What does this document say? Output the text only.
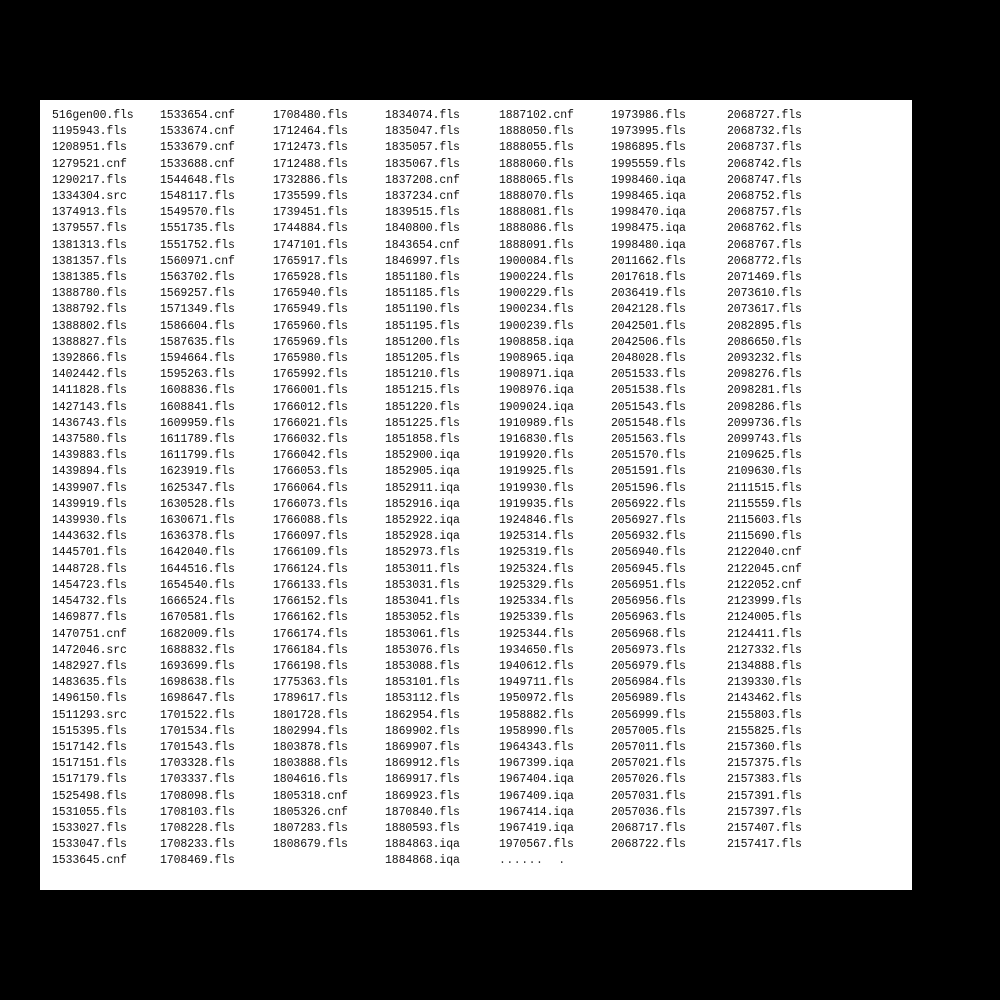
516gen00.fls
1195943.fls
1208951.fls
1279521.cnf
1290217.fls
1334304.src
1374913.fls
1379557.fls
1381313.fls
1381357.fls
1381385.fls
1388780.fls
1388792.fls
1388802.fls
1388827.fls
1392866.fls
1402442.fls
1411828.fls
1427143.fls
1436743.fls
1437580.fls
1439883.fls
1439894.fls
1439907.fls
1439919.fls
1439930.fls
1443632.fls
1445701.fls
1448728.fls
1454723.fls
1454732.fls
1469877.fls
1470751.cnf
1472046.src
1482927.fls
1483635.fls
1496150.fls
1511293.src
1515395.fls
1517142.fls
1517151.fls
1517179.fls
1525498.fls
1531055.fls
1533027.fls
1533047.fls
1533645.cnf
1533654.cnf
1533674.cnf
1533679.cnf
1533688.cnf
1544648.fls
1548117.fls
1549570.fls
1551735.fls
1551752.fls
1560971.cnf
1563702.fls
1569257.fls
1571349.fls
1586604.fls
1587635.fls
1594664.fls
1595263.fls
1608836.fls
1608841.fls
1609959.fls
1611789.fls
1611799.fls
1623919.fls
1625347.fls
1630528.fls
1630671.fls
1636378.fls
1642040.fls
1644516.fls
1654540.fls
1666524.fls
1670581.fls
1682009.fls
1688832.fls
1693699.fls
1698638.fls
1698647.fls
1701522.fls
1701534.fls
1701543.fls
1703328.fls
1703337.fls
1708098.fls
1708103.fls
1708228.fls
1708233.fls
1708469.fls
1708480.fls
1712464.fls
1712473.fls
1712488.fls
1732886.fls
1735599.fls
1739451.fls
1744884.fls
1747101.fls
1765917.fls
1765928.fls
1765940.fls
1765949.fls
1765960.fls
1765969.fls
1765980.fls
1765992.fls
1766001.fls
1766012.fls
1766021.fls
1766032.fls
1766042.fls
1766053.fls
1766064.fls
1766073.fls
1766088.fls
1766097.fls
1766109.fls
1766124.fls
1766133.fls
1766152.fls
1766162.fls
1766174.fls
1766184.fls
1766198.fls
1775363.fls
1789617.fls
1801728.fls
1802994.fls
1803878.fls
1803888.fls
1804616.fls
1805318.cnf
1805326.cnf
1807283.fls
1808679.fls
1834074.fls
1835047.fls
1835057.fls
1835067.fls
1837208.cnf
1837234.cnf
1839515.fls
1840800.fls
1843654.cnf
1846997.fls
1851180.fls
1851185.fls
1851190.fls
1851195.fls
1851200.fls
1851205.fls
1851210.fls
1851215.fls
1851220.fls
1851225.fls
1851858.fls
1852900.iqa
1852905.iqa
1852911.iqa
1852916.iqa
1852922.iqa
1852928.iqa
1852973.fls
1853011.fls
1853031.fls
1853041.fls
1853052.fls
1853061.fls
1853076.fls
1853088.fls
1853101.fls
1853112.fls
1862954.fls
1869902.fls
1869907.fls
1869912.fls
1869917.fls
1869923.fls
1870840.fls
1880593.fls
1884863.iqa
1884868.iqa
1887102.cnf
1888050.fls
1888055.fls
1888060.fls
1888065.fls
1888070.fls
1888081.fls
1888086.fls
1888091.fls
1900084.fls
1900224.fls
1900229.fls
1900234.fls
1900239.fls
1908858.iqa
1908965.iqa
1908971.iqa
1908976.iqa
1909024.iqa
1910989.fls
1916830.fls
1919920.fls
1919925.fls
1919930.fls
1919935.fls
1924846.fls
1925314.fls
1925319.fls
1925324.fls
1925329.fls
1925334.fls
1925339.fls
1925344.fls
1934650.fls
1940612.fls
1949711.fls
1950972.fls
1958882.fls
1958990.fls
1964343.fls
1967399.iqa
1967404.iqa
1967409.iqa
1967414.iqa
1967419.iqa
1970567.fls
......  .
1973986.fls
1973995.fls
1986895.fls
1995559.fls
1998460.iqa
1998465.iqa
1998470.iqa
1998475.iqa
1998480.iqa
2011662.fls
2017618.fls
2036419.fls
2042128.fls
2042501.fls
2042506.fls
2048028.fls
2051533.fls
2051538.fls
2051543.fls
2051548.fls
2051563.fls
2051570.fls
2051591.fls
2051596.fls
2056922.fls
2056927.fls
2056932.fls
2056940.fls
2056945.fls
2056951.fls
2056956.fls
2056963.fls
2056968.fls
2056973.fls
2056979.fls
2056984.fls
2056989.fls
2056999.fls
2057005.fls
2057011.fls
2057021.fls
2057026.fls
2057031.fls
2057036.fls
2068717.fls
2068722.fls
2068727.fls
2068732.fls
2068737.fls
2068742.fls
2068747.fls
2068752.fls
2068757.fls
2068762.fls
2068767.fls
2068772.fls
2071469.fls
2073610.fls
2073617.fls
2082895.fls
2086650.fls
2093232.fls
2098276.fls
2098281.fls
2098286.fls
2099736.fls
2099743.fls
2109625.fls
2109630.fls
2111515.fls
2115559.fls
2115603.fls
2115690.fls
2122040.cnf
2122045.cnf
2122052.cnf
2123999.fls
2124005.fls
2124411.fls
2127332.fls
2134888.fls
2139330.fls
2143462.fls
2155803.fls
2155825.fls
2157360.fls
2157375.fls
2157383.fls
2157391.fls
2157397.fls
2157407.fls
2157417.fls
